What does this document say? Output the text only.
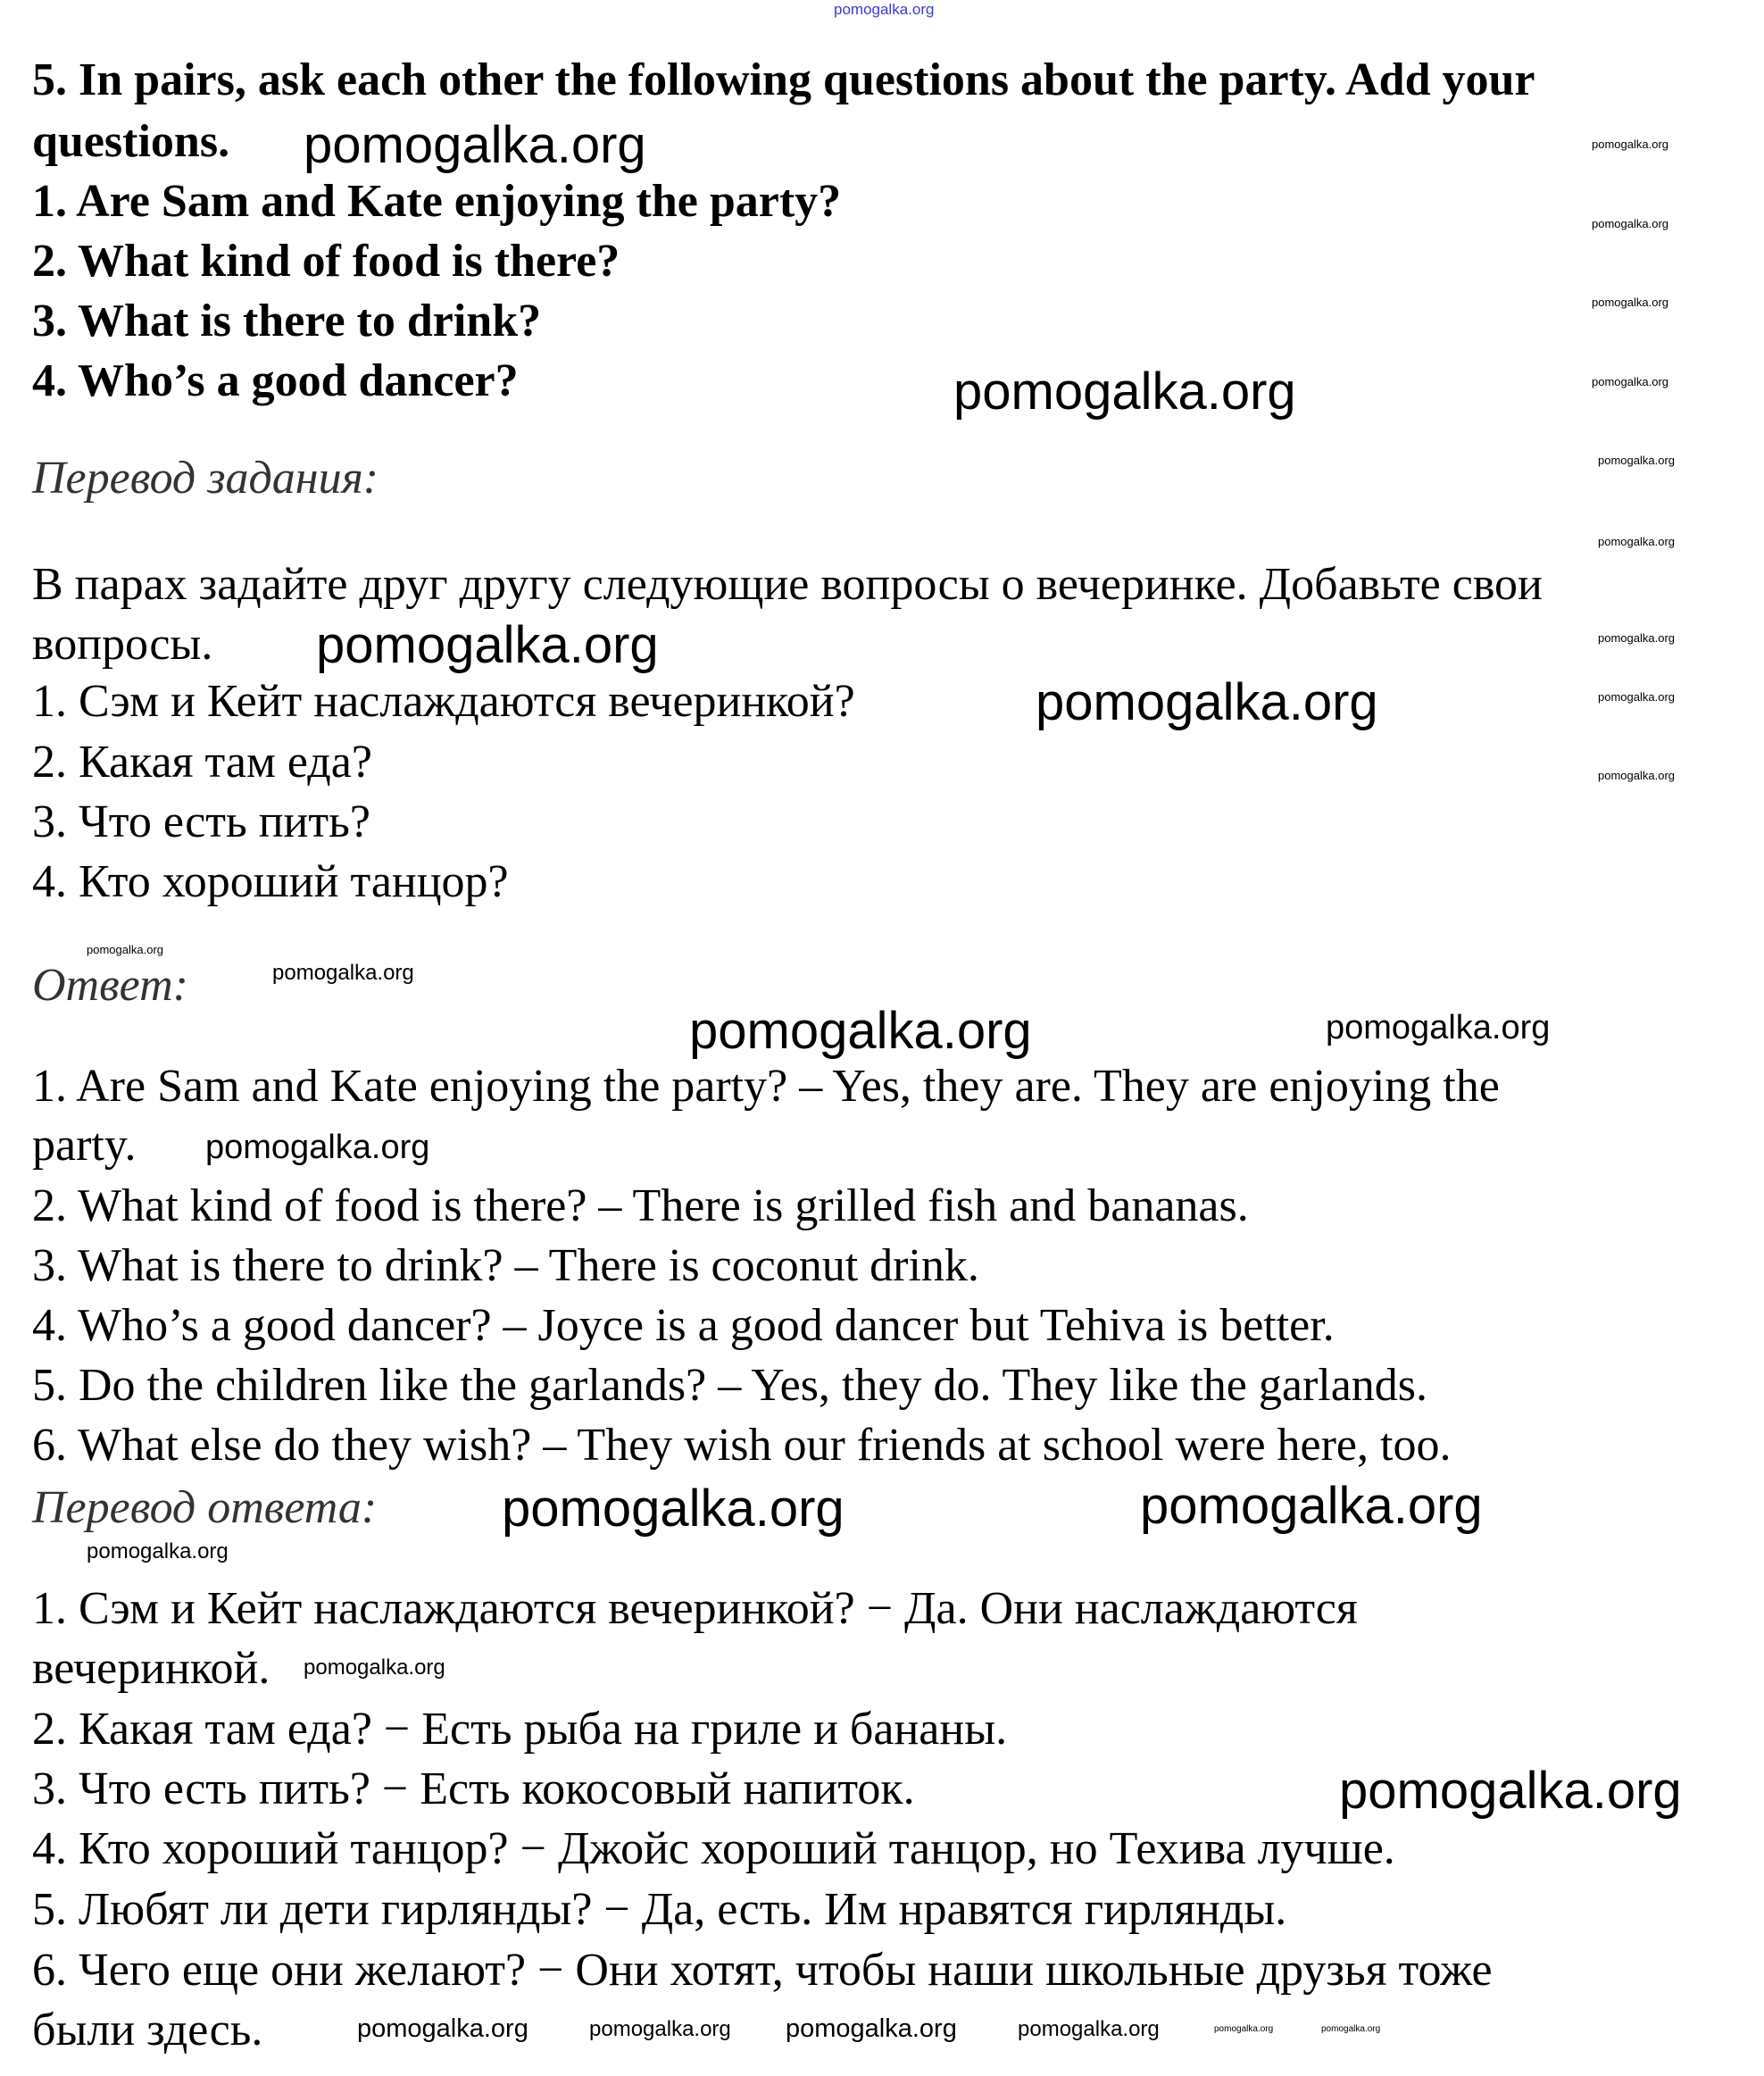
5. In pairs, ask each other the following questions about the party. Add your
questions.
1. Are Sam and Kate enjoying the party?
2. What kind of food is there?
3. What is there to drink?
4. Who’s a good dancer?
Перевод задания:
В парах задайте друг другу следующие вопросы о вечеринке. Добавьте свои
вопросы.
1. Сэм и Кейт наслаждаются вечеринкой?
2. Какая там еда?
3. Что есть пить?
4. Кто хороший танцор?
Ответ:
1. Are Sam and Kate enjoying the party? – Yes, they are. They are enjoying the
party.
2. What kind of food is there? – There is grilled fish and bananas.
3. What is there to drink? – There is coconut drink.
4. Who’s a good dancer? – Joyce is a good dancer but Tehiva is better.
5. Do the children like the garlands? – Yes, they do. They like the garlands.
6. What else do they wish? – They wish our friends at school were here, too.
Перевод ответа:
1. Сэм и Кейт наслаждаются вечеринкой? − Да. Они наслаждаются
вечеринкой.
2. Какая там еда? − Есть рыба на гриле и бананы.
3. Что есть пить? − Есть кокосовый напиток.
4. Кто хороший танцор? − Джойс хороший танцор, но Техива лучше.
5. Любят ли дети гирлянды? − Да, есть. Им нравятся гирлянды.
6. Чего еще они желают? − Они хотят, чтобы наши школьные друзья тоже
были здесь.
pomogalka.org
pomogalka.org
pomogalka.org
pomogalka.org
pomogalka.org
pomogalka.org
pomogalka.org	pomogalka.org
pomogalka.org
pomogalka.org
pomogalka.org
pomogalka.org
pomogalka.org	pomogalka.org pomogalka.org
pomogalka.org
pomogalka.org
pomogalka.org
pomogalka.org
pomogalka.org
pomogalka.org
pomogalka.org
pomogalka.org
pomogalka.org
pomogalka.org
pomogalka.org
pomogalka.org
pomogalka.org
pomogalka.org	pomogalka.org
